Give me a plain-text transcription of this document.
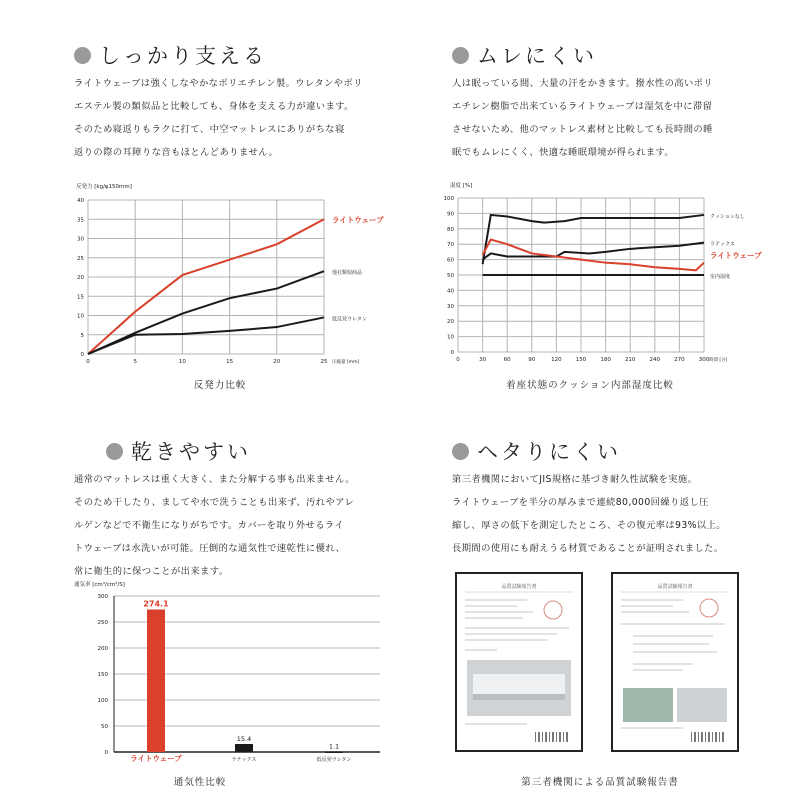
しっかり支える
ライトウェーブは強くしなやかなポリエチレン製。ウレタンやポリ
エステル製の類似品と比較しても、身体を支える力が違います。
そのため寝返りもラクに打て、中空マットレスにありがちな寝
返りの際の耳障りな音もほとんどありません。
反発力 [kg/φ150mm]
0
5
10
15
20
25
30
35
40
0	5	10	15	20	25 圧縮量 [mm]
ライトウェーブ
他社類似商品
低反発ウレタン
反発力比較
ムレにくい
人は眠っている間、大量の汗をかきます。撥水性の高いポリ
エチレン樹脂で出来ているライトウェーブは湿気を中に滞留
させないため、他のマットレス素材と比較しても長時間の睡
眠でもムレにくく、快適な睡眠環境が得られます。
湿度 [%]
0
10
20
30
40
50
60
70
80
90
100
0	30	60	90	120	150	180	210	240	270	300 時間 [分]
クッションなし
ラテックス
ライトウェーブ
室内湿度
着座状態のクッション内部湿度比較
乾きやすい
通常のマットレスは重く大きく、また分解する事も出来ません。
そのため干したり、ましてや水で洗うことも出来ず、汚れやアレ
ルゲンなどで不衛生になりがちです。カバーを取り外せるライ
トウェーブは水洗いが可能。圧倒的な通気性で速乾性に優れ、
常に衛生的に保つことが出来ます。
通気率 [cm³/cm²/S]
0
50
100
150
200
250
300
274.1
ライトウェーブ
15.4
ラテックス
1.1
低反発ウレタン
通気性比較
ヘタりにくい
第三者機関においてJIS規格に基づき耐久性試験を実施。
ライトウェーブを半分の厚みまで連続80,000回繰り返し圧
縮し、厚さの低下を測定したところ、その復元率は93%以上。
長期間の使用にも耐えうる材質であることが証明されました。
品質試験報告書	品質試験報告書
第三者機関による品質試験報告書
